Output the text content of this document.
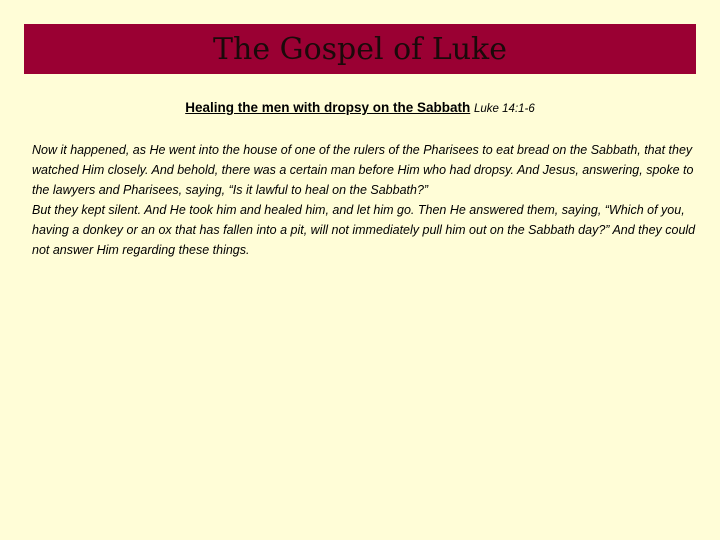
The Gospel of Luke
Healing the men with dropsy on the Sabbath Luke 14:1-6

Now it happened, as He went into the house of one of the rulers of the Pharisees to eat bread on the Sabbath, that they watched Him closely. And behold, there was a certain man before Him who had dropsy. And Jesus, answering, spoke to the lawyers and Pharisees, saying, “Is it lawful to heal on the Sabbath?”

But they kept silent. And He took him and healed him, and let him go. Then He answered them, saying, “Which of you, having a donkey or an ox that has fallen into a pit, will not immediately pull him out on the Sabbath day?” And they could not answer Him regarding these things.
